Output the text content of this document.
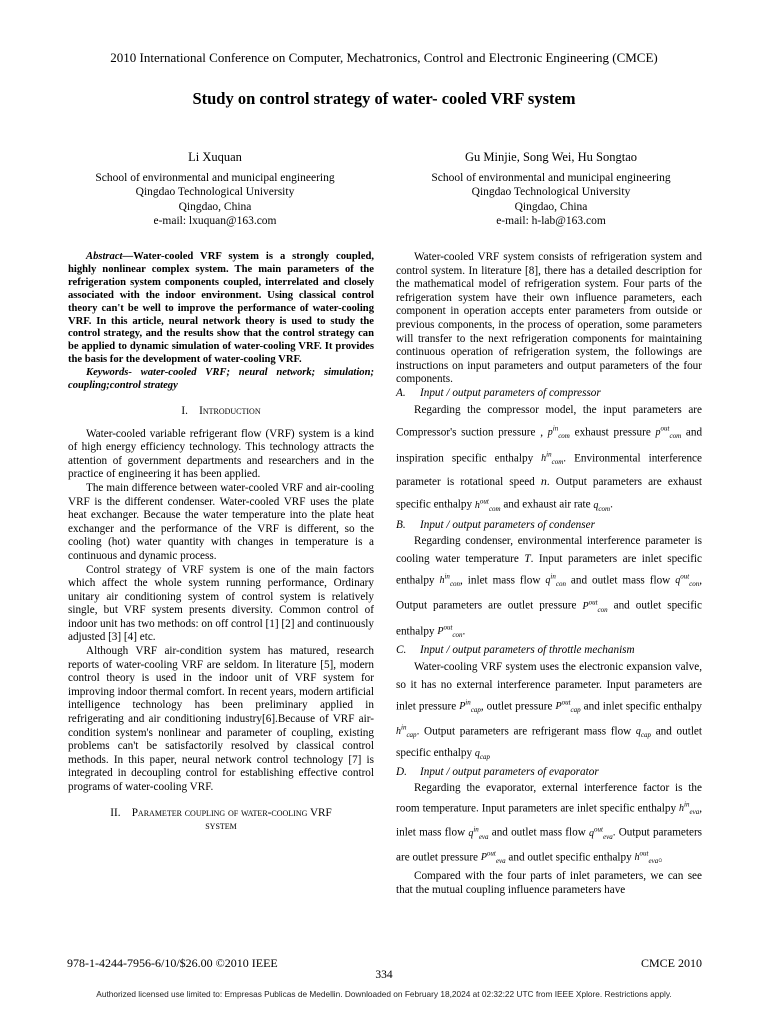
2010 International Conference on Computer, Mechatronics, Control and Electronic Engineering (CMCE)
Study on control strategy of water- cooled VRF system
Li Xuquan
School of environmental and municipal engineering
Qingdao Technological University
Qingdao, China
e-mail: lxuquan@163.com
Gu Minjie, Song Wei, Hu Songtao
School of environmental and municipal engineering
Qingdao Technological University
Qingdao, China
e-mail: h-lab@163.com

Abstract—Water-cooled VRF system is a strongly coupled, highly nonlinear complex system. The main parameters of the refrigeration system components coupled, interrelated and closely associated with the indoor environment. Using classical control theory can't be well to improve the performance of water-cooling VRF. In this article, neural network theory is used to study the control strategy, and the results show that the control strategy can be applied to dynamic simulation of water-cooling VRF. It provides the basis for the development of water-cooling VRF.

Keywords- water-cooled VRF; neural network; simulation; coupling;control strategy

I. Introduction

Water-cooled variable refrigerant flow (VRF) system is a kind of high energy efficiency technology. This technology attracts the attention of government departments and researchers and in the practice of engineering it has been applied.

The main difference between water-cooled VRF and air-cooling VRF is the different condenser. Water-cooled VRF uses the plate heat exchanger. Because the water temperature into the plate heat exchanger and the performance of the VRF is different, so the cooling (hot) water quantity with changes in temperature is a continuous and dynamic process.

Control strategy of VRF system is one of the main factors which affect the whole system running performance, Ordinary unitary air conditioning system of control system is relatively single, but VRF system presents diversity. Common control of indoor unit has two methods: on off control [1] [2] and continuously adjusted [3] [4] etc.

Although VRF air-condition system has matured, research reports of water-cooling VRF are seldom. In literature [5], modern control theory is used in the indoor unit of VRF system for improving indoor thermal comfort. In recent years, modern artificial intelligence technology has been preliminary applied in refrigerating and air conditioning industry[6].Because of VRF air-condition system's nonlinear and parameter of coupling, existing problems can't be satisfactorily resolved by classical control methods. In this paper, neural network control technology [7] is integrated in decoupling control for establishing effective control programs of water-cooling VRF.

II. Parameter coupling of water-cooling VRF
system

Water-cooled VRF system consists of refrigeration system and control system. In literature [8], there has a detailed description for the mathematical model of refrigeration system. Four parts of the refrigeration system have their own influence parameters, each component in operation accepts enter parameters from outside or previous components, in the process of operation, some parameters will transfer to the next refrigeration components for maintaining continuous operation of refrigeration system, the followings are instructions on input parameters and output parameters of the four components.

A. Input / output parameters of compressor

Regarding the compressor model, the input parameters are Compressor's suction pressure , $p^{in}_{com}$ exhaust pressure $p^{out}_{com}$ and inspiration specific enthalpy $h^{in}_{com}$. Environmental interference parameter is rotational speed n. Output parameters are exhaust specific enthalpy $h^{out}_{com}$ and exhaust air rate $q_{com}$.

B. Input / output parameters of condenser

Regarding condenser, environmental interference parameter is cooling water temperature T. Input parameters are inlet specific enthalpy $h^{in}_{con}$, inlet mass flow $q^{in}_{con}$ and outlet mass flow $q^{out}_{con}$, Output parameters are outlet pressure $P^{out}_{con}$ and outlet specific enthalpy $P^{out}_{con}$.

C. Input / output parameters of throttle mechanism

Water-cooling VRF system uses the electronic expansion valve, so it has no external interference parameter. Input parameters are inlet pressure $P^{in}_{cap}$, outlet pressure $P^{out}_{cap}$ and inlet specific enthalpy $h^{in}_{cap}$. Output parameters are refrigerant mass flow $q_{cap}$ and outlet specific enthalpy $q_{cap}$

D. Input / output parameters of evaporator

Regarding the evaporator, external interference factor is the room temperature. Input parameters are inlet specific enthalpy $h^{in}_{eva}$, inlet mass flow $q^{in}_{eva}$ and outlet mass flow $q^{out}_{eva}$. Output parameters are outlet pressure $P^{out}_{eva}$ and outlet specific enthalpy $h^{out}_{eva}$。

Compared with the four parts of inlet parameters, we can see that the mutual coupling influence parameters have

978-1-4244-7956-6/10/$26.00 ©2010 IEEE	CMCE 2010
334
Authorized licensed use limited to: Empresas Publicas de Medellin. Downloaded on February 18,2024 at 02:32:22 UTC from IEEE Xplore. Restrictions apply.
